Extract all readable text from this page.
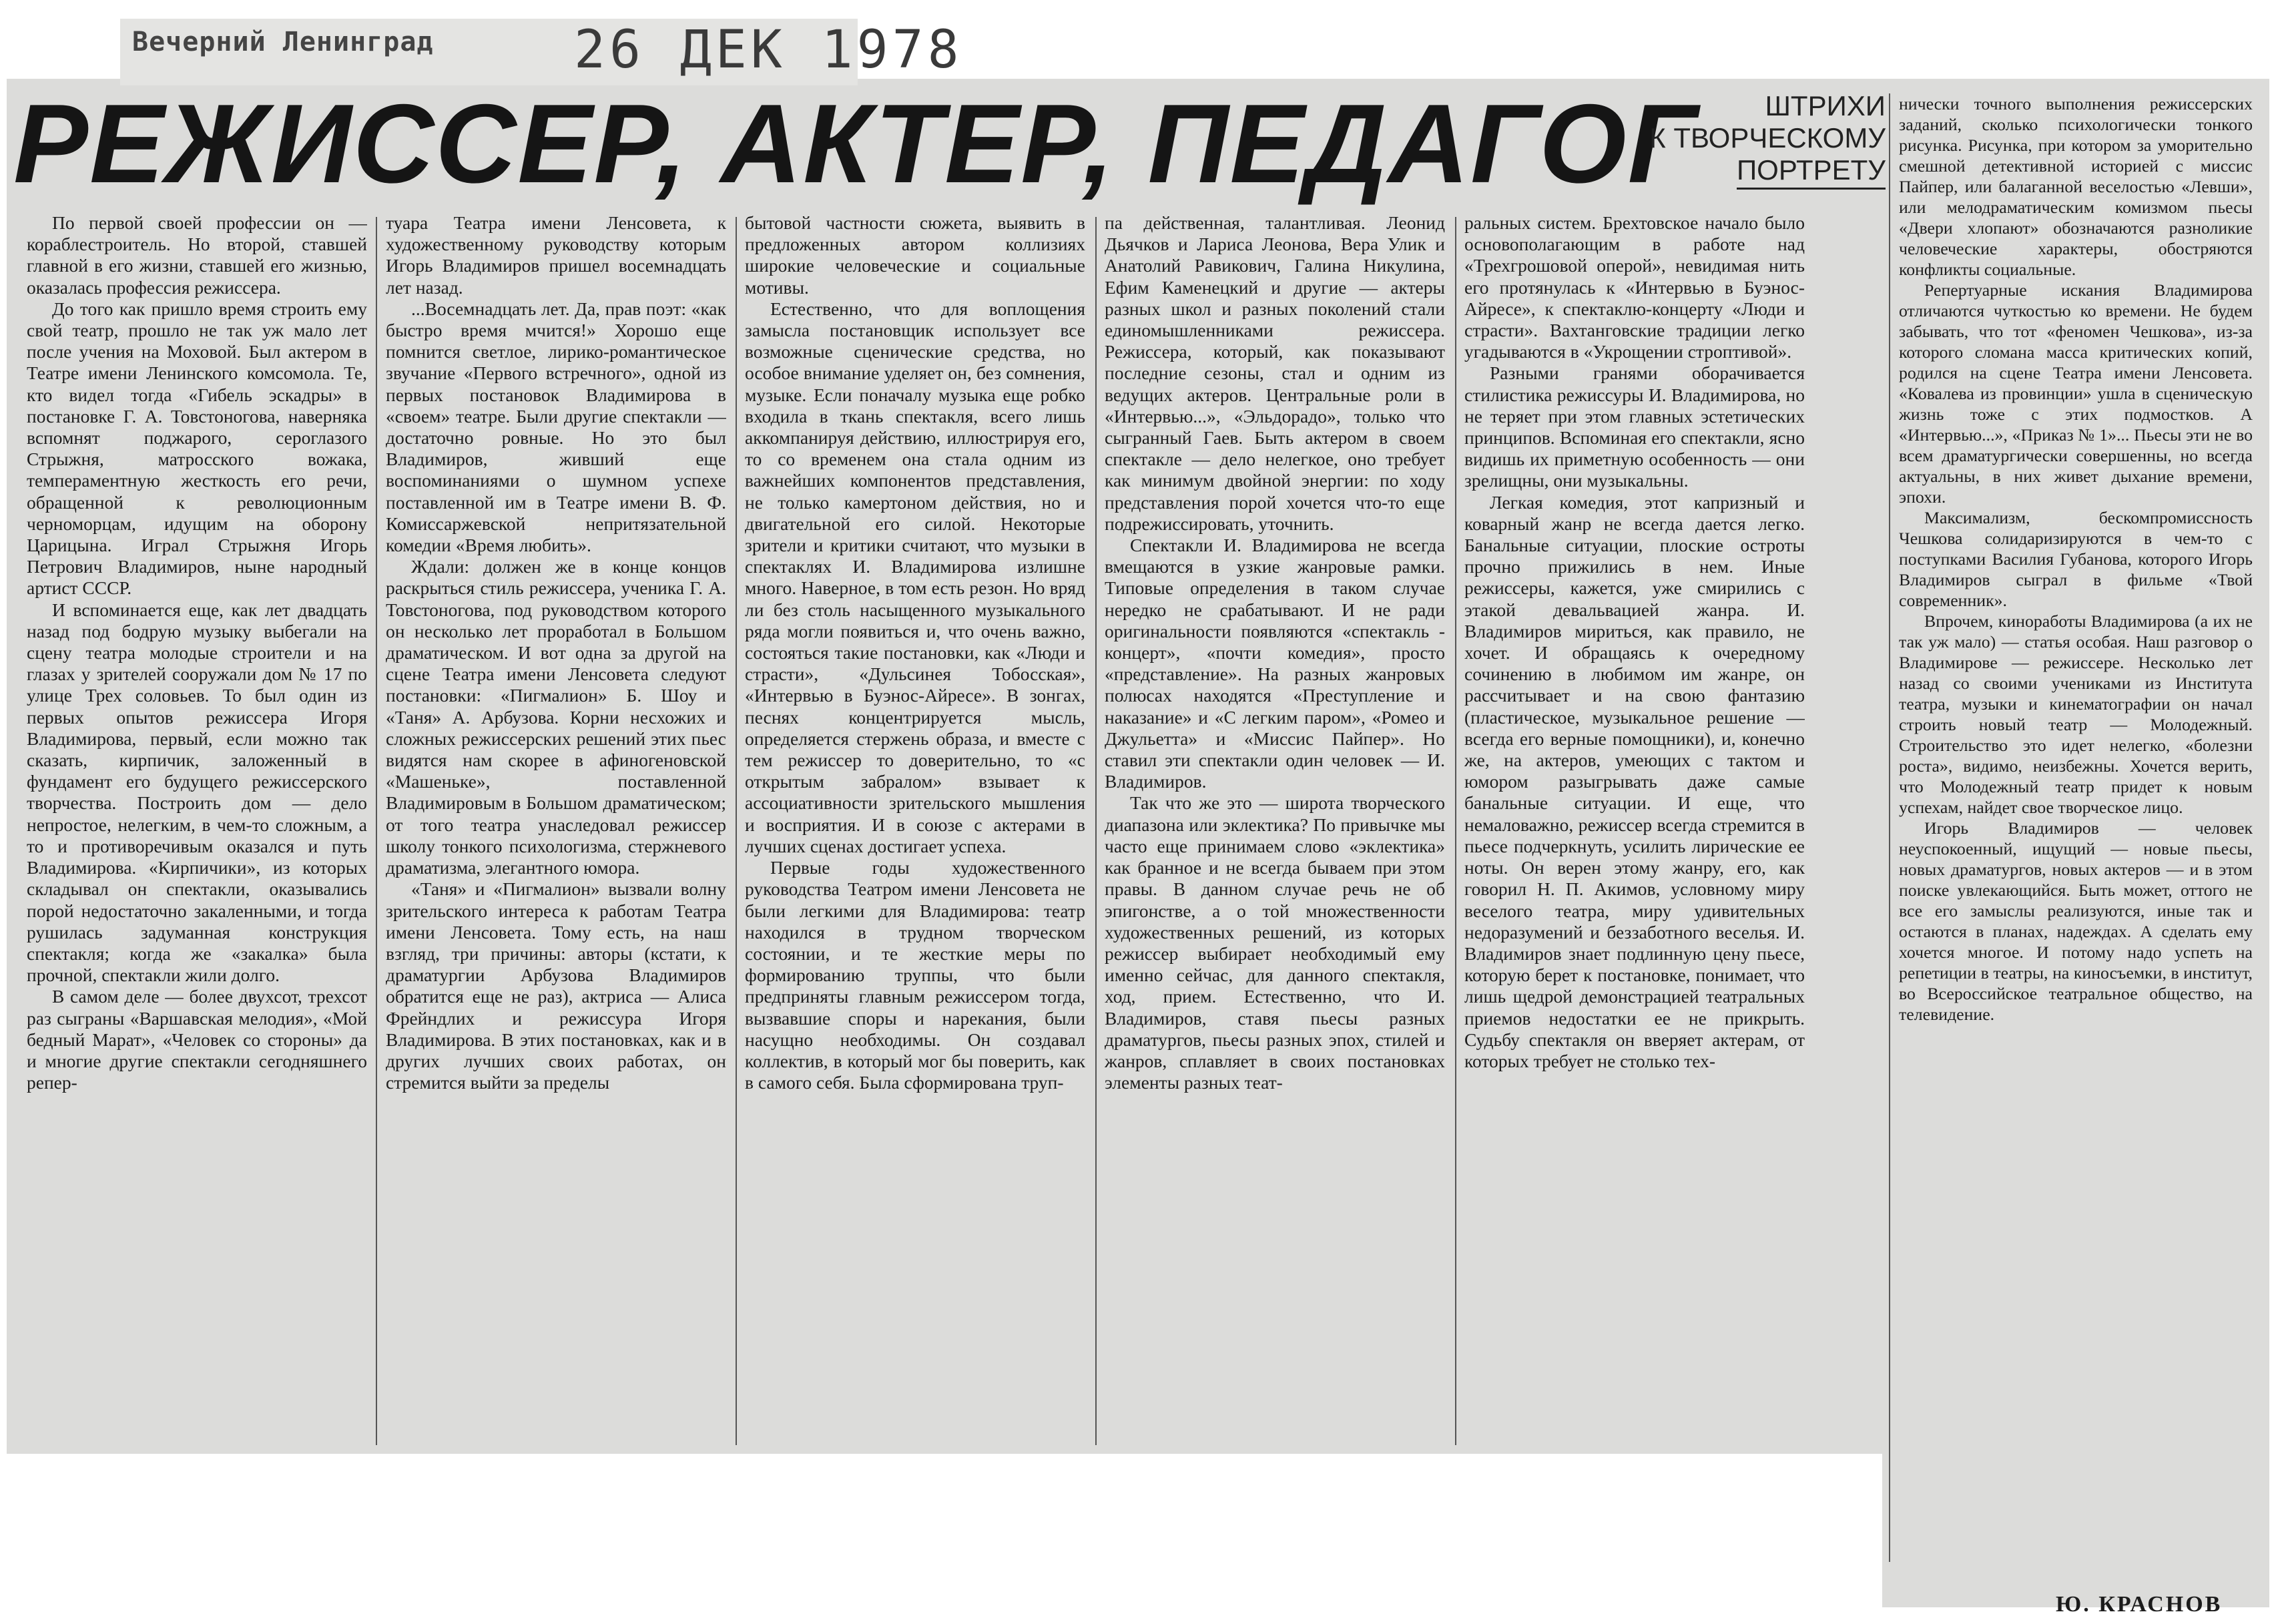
Вечерний Ленинград	26 ДЕК 1978
РЕЖИССЕР, АКТЕР, ПЕДАГОГ	ШТРИХИ
К ТВОРЧЕСКОМУ
ПОРТРЕТУ

По первой своей профессии он — кораблестроитель. Но второй, ставшей главной в его жизни, ставшей его жизнью, оказалась профессия режиссера.

До того как пришло время строить ему свой театр, прошло не так уж мало лет после учения на Моховой. Был актером в Театре имени Ленинского комсомола. Те, кто видел тогда «Гибель эскадры» в постановке Г. А. Товстоногова, наверняка вспомнят поджарого, сероглазого Стрыжня, матросского вожака, темпераментную жесткость его речи, обращенной к революционным черноморцам, идущим на оборону Царицына. Играл Стрыжня Игорь Петрович Владимиров, ныне народный артист СССР.

И вспоминается еще, как лет двадцать назад под бодрую музыку выбегали на сцену театра молодые строители и на глазах у зрителей сооружали дом № 17 по улице Трех соловьев. То был один из первых опытов режиссера Игоря Владимирова, первый, если можно так сказать, кирпичик, заложенный в фундамент его будущего режиссерского творчества. Построить дом — дело непростое, нелегким, в чем-то сложным, а то и противоречивым оказался и путь Владимирова. «Кирпичики», из которых складывал он спектакли, оказывались порой недостаточно закаленными, и тогда рушилась задуманная конструкция спектакля; когда же «закалка» была прочной, спектакли жили долго.

В самом деле — более двухсот, трехсот раз сыграны «Варшавская мелодия», «Мой бедный Марат», «Человек со стороны» да и многие другие спектакли сегодняшнего репер-

туара Театра имени Ленсовета, к художественному руководству которым Игорь Владимиров пришел восемнадцать лет назад.

...Восемнадцать лет. Да, прав поэт: «как быстро время мчится!» Хорошо еще помнится светлое, лирико-романтическое звучание «Первого встречного», одной из первых постановок Владимирова в «своем» театре. Были другие спектакли — достаточно ровные. Но это был Владимиров, живший еще воспоминаниями о шумном успехе поставленной им в Театре имени В. Ф. Комиссаржевской непритязательной комедии «Время любить».

Ждали: должен же в конце концов раскрыться стиль режиссера, ученика Г. А. Товстоногова, под руководством которого он несколько лет проработал в Большом драматическом. И вот одна за другой на сцене Театра имени Ленсовета следуют постановки: «Пигмалион» Б. Шоу и «Таня» А. Арбузова. Корни несхожих и сложных режиссерских решений этих пьес видятся нам скорее в афиногеновской «Машеньке», поставленной Владимировым в Большом драматическом; от того театра унаследовал режиссер школу тонкого психологизма, стержневого драматизма, элегантного юмора.

«Таня» и «Пигмалион» вызвали волну зрительского интереса к работам Театра имени Ленсовета. Тому есть, на наш взгляд, три причины: авторы (кстати, к драматургии Арбузова Владимиров обратится еще не раз), актриса — Алиса Фрейндлих и режиссура Игоря Владимирова. В этих постановках, как и в других лучших своих работах, он стремится выйти за пределы

бытовой частности сюжета, выявить в предложенных автором коллизиях широкие человеческие и социальные мотивы.

Естественно, что для воплощения замысла постановщик использует все возможные сценические средства, но особое внимание уделяет он, без сомнения, музыке. Если поначалу музыка еще робко входила в ткань спектакля, всего лишь аккомпанируя действию, иллюстрируя его, то со временем она стала одним из важнейших компонентов представления, не только камертоном действия, но и двигательной его силой. Некоторые зрители и критики считают, что музыки в спектаклях И. Владимирова излишне много. Наверное, в том есть резон. Но вряд ли без столь насыщенного музыкального ряда могли появиться и, что очень важно, состояться такие постановки, как «Люди и страсти», «Дульсинея Тобосская», «Интервью в Буэнос-Айресе». В зонгах, песнях концентрируется мысль, определяется стержень образа, и вместе с тем режиссер то доверительно, то «с открытым забралом» взывает к ассоциативности зрительского мышления и восприятия. И в союзе с актерами в лучших сценах достигает успеха.

Первые годы художественного руководства Театром имени Ленсовета не были легкими для Владимирова: театр находился в трудном творческом состоянии, и те жесткие меры по формированию труппы, что были предприняты главным режиссером тогда, вызвавшие споры и нарекания, были насущно необходимы. Он создавал коллектив, в который мог бы поверить, как в самого себя. Была сформирована труп-

па действенная, талантливая. Леонид Дьячков и Лариса Леонова, Вера Улик и Анатолий Равикович, Галина Никулина, Ефим Каменецкий и другие — актеры разных школ и разных поколений стали единомышленниками режиссера. Режиссера, который, как показывают последние сезоны, стал и одним из ведущих актеров. Центральные роли в «Интервью...», «Эльдорадо», только что сыгранный Гаев. Быть актером в своем спектакле — дело нелегкое, оно требует как минимум двойной энергии: по ходу представления порой хочется что-то еще подрежиссировать, уточнить.

Спектакли И. Владимирова не всегда вмещаются в узкие жанровые рамки. Типовые определения в таком случае нередко не срабатывают. И не ради оригинальности появляются «спектакль - концерт», «почти комедия», просто «представление». На разных жанровых полюсах находятся «Преступление и наказание» и «С легким паром», «Ромео и Джульетта» и «Миссис Пайпер». Но ставил эти спектакли один человек — И. Владимиров.

Так что же это — широта творческого диапазона или эклектика? По привычке мы часто еще принимаем слово «эклектика» как бранное и не всегда бываем при этом правы. В данном случае речь не об эпигонстве, а о той множественности художественных решений, из которых режиссер выбирает необходимый ему именно сейчас, для данного спектакля, ход, прием. Естественно, что И. Владимиров, ставя пьесы разных драматургов, пьесы разных эпох, стилей и жанров, сплавляет в своих постановках элементы разных теат-

ральных систем. Брехтовское начало было основополагающим в работе над «Трехгрошовой оперой», невидимая нить его протянулась к «Интервью в Буэнос-Айресе», к спектаклю-концерту «Люди и страсти». Вахтанговские традиции легко угадываются в «Укрощении строптивой».

Разными гранями оборачивается стилистика режиссуры И. Владимирова, но не теряет при этом главных эстетических принципов. Вспоминая его спектакли, ясно видишь их приметную особенность — они зрелищны, они музыкальны.

Легкая комедия, этот капризный и коварный жанр не всегда дается легко. Банальные ситуации, плоские остроты прочно прижились в нем. Иные режиссеры, кажется, уже смирились с этакой девальвацией жанра. И. Владимиров мириться, как правило, не хочет. И обращаясь к очередному сочинению в любимом им жанре, он рассчитывает и на свою фантазию (пластическое, музыкальное решение — всегда его верные помощники), и, конечно же, на актеров, умеющих с тактом и юмором разыгрывать даже самые банальные ситуации. И еще, что немаловажно, режиссер всегда стремится в пьесе подчеркнуть, усилить лирические ее ноты. Он верен этому жанру, его, как говорил Н. П. Акимов, условному миру веселого театра, миру удивительных недоразумений и беззаботного веселья. И. Владимиров знает подлинную цену пьесе, которую берет к постановке, понимает, что лишь щедрой демонстрацией театральных приемов недостатки ее не прикрыть. Судьбу спектакля он вверяет актерам, от которых требует не столько тех-

нически точного выполнения режиссерских заданий, сколько психологически тонкого рисунка. Рисунка, при котором за уморительно смешной детективной историей с миссис Пайпер, или балаганной веселостью «Левши», или мелодраматическим комизмом пьесы «Двери хлопают» обозначаются разноликие человеческие характеры, обостряются конфликты социальные.

Репертуарные искания Владимирова отличаются чуткостью ко времени. Не будем забывать, что тот «феномен Чешкова», из-за которого сломана масса критических копий, родился на сцене Театра имени Ленсовета. «Ковалева из провинции» ушла в сценическую жизнь тоже с этих подмостков. А «Интервью...», «Приказ № 1»... Пьесы эти не во всем драматургически совершенны, но всегда актуальны, в них живет дыхание времени, эпохи.

Максимализм, бескомпромиссность Чешкова солидаризируются в чем-то с поступками Василия Губанова, которого Игорь Владимиров сыграл в фильме «Твой современник».

Впрочем, киноработы Владимирова (а их не так уж мало) — статья особая. Наш разговор о Владимирове — режиссере. Несколько лет назад со своими учениками из Института театра, музыки и кинематографии он начал строить новый театр — Молодежный. Строительство это идет нелегко, «болезни роста», видимо, неизбежны. Хочется верить, что Молодежный театр придет к новым успехам, найдет свое творческое лицо.

Игорь Владимиров — человек неуспокоенный, ищущий — новые пьесы, новых драматургов, новых актеров — и в этом поиске увлекающийся. Быть может, оттого не все его замыслы реализуются, иные так и остаются в планах, надеждах. А сделать ему хочется многое. И потому надо успеть на репетиции в театры, на киносъемки, в институт, во Всероссийское театральное общество, на телевидение.

Ю. КРАСНОВ
